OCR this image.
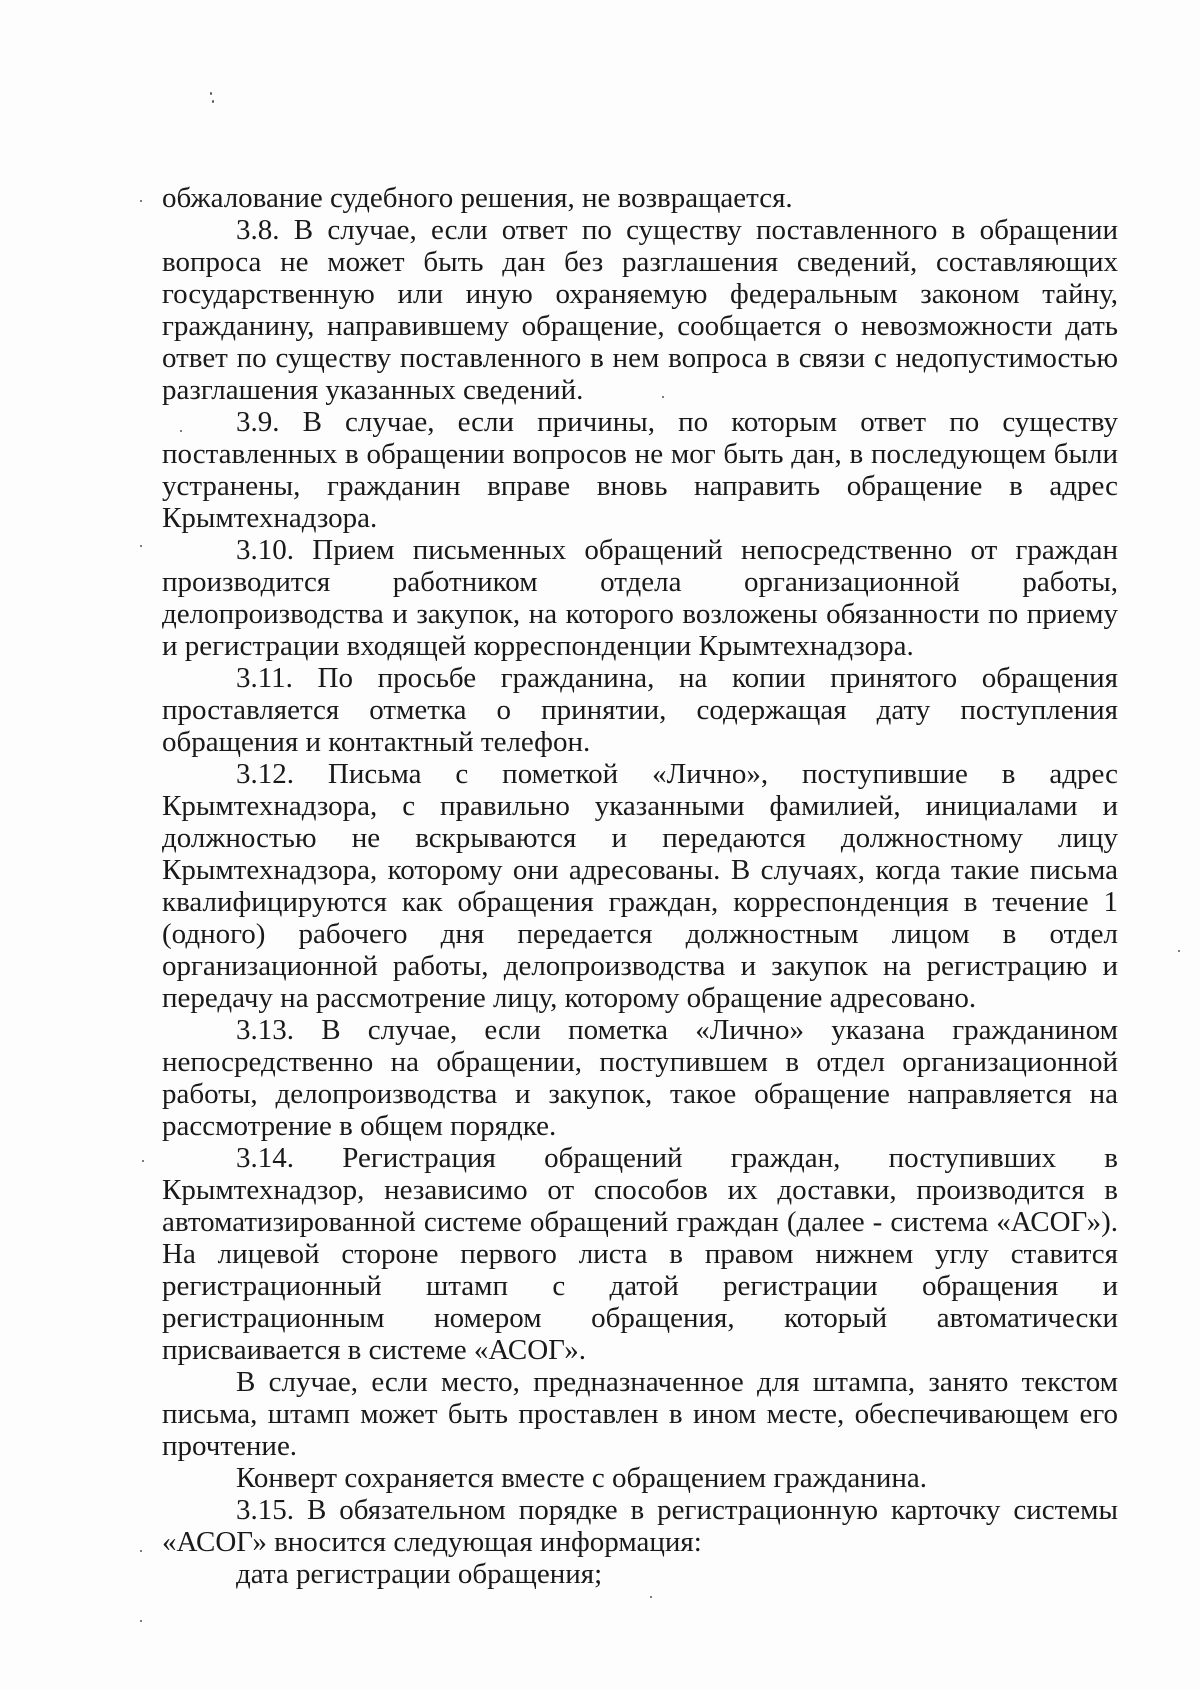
обжалование судебного решения, не возвращается.

3.8. В случае, если ответ по существу поставленного в обращении вопроса не может быть дан без разглашения сведений, составляющих государственную или иную охраняемую федеральным законом тайну, гражданину, направившему обращение, сообщается о невозможности дать ответ по существу поставленного в нем вопроса в связи с недопустимостью разглашения указанных сведений.

3.9. В случае, если причины, по которым ответ по существу поставленных в обращении вопросов не мог быть дан, в последующем были устранены, гражданин вправе вновь направить обращение в адрес Крымтехнадзора.

3.10. Прием письменных обращений непосредственно от граждан производится работником отдела организационной работы, делопроизводства и закупок, на которого возложены обязанности по приему и регистрации входящей корреспонденции Крымтехнадзора.

3.11. По просьбе гражданина, на копии принятого обращения проставляется отметка о принятии, содержащая дату поступления обращения и контактный телефон.

3.12. Письма с пометкой «Лично», поступившие в адрес Крымтехнадзора, с правильно указанными фамилией, инициалами и должностью не вскрываются и передаются должностному лицу Крымтехнадзора, которому они адресованы. В случаях, когда такие письма квалифицируются как обращения граждан, корреспонденция в течение 1 (одного) рабочего дня передается должностным лицом в отдел организационной работы, делопроизводства и закупок на регистрацию и передачу на рассмотрение лицу, которому обращение адресовано.

3.13. В случае, если пометка «Лично» указана гражданином непосредственно на обращении, поступившем в отдел организационной работы, делопроизводства и закупок, такое обращение направляется на рассмотрение в общем порядке.

3.14. Регистрация обращений граждан, поступивших в Крымтехнадзор, независимо от способов их доставки, производится в автоматизированной системе обращений граждан (далее - система «АСОГ»). На лицевой стороне первого листа в правом нижнем углу ставится регистрационный штамп с датой регистрации обращения и регистрационным номером обращения, который автоматически присваивается в системе «АСОГ».

В случае, если место, предназначенное для штампа, занято текстом письма, штамп может быть проставлен в ином месте, обеспечивающем его прочтение.

Конверт сохраняется вместе с обращением гражданина.

3.15. В обязательном порядке в регистрационную карточку системы «АСОГ» вносится следующая информация:

дата регистрации обращения;
